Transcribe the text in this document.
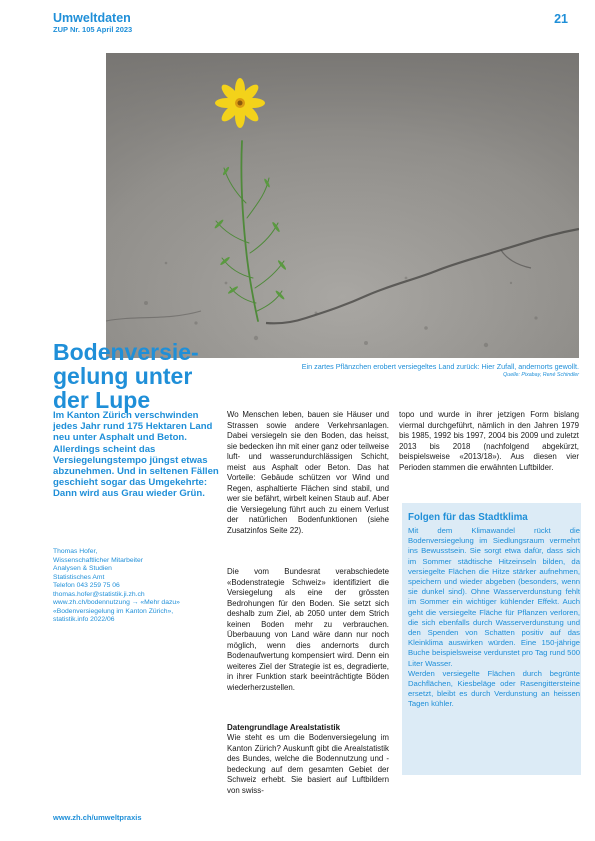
Umweltdaten
ZUP Nr. 105 April 2023
21
Ein zartes Pflänzchen erobert versiegeltes Land zurück: Hier Zufall, andernorts gewollt.
Quelle: Pixabay, René Schindler
Bodenversie-gelung unter der Lupe

Im Kanton Zürich verschwinden jedes Jahr rund 175 Hektaren Land neu unter Asphalt und Beton. Allerdings scheint das Versiegelungstempo jüngst etwas abzunehmen. Und in seltenen Fällen geschieht sogar das Umgekehrte: Dann wird aus Grau wieder Grün.

Thomas Hofer,
Wissenschaftlicher Mitarbeiter
Analysen & Studien
Statistisches Amt
Telefon 043 259 75 06
thomas.hofer@statistik.ji.zh.ch
www.zh.ch/bodennutzung → «Mehr dazu»
«Bodenversiegelung im Kanton Zürich»,
statistik.info 2022/06

Wo Menschen leben, bauen sie Häuser und Strassen sowie andere Verkehrsanlagen. Dabei versiegeln sie den Boden, das heisst, sie bedecken ihn mit einer ganz oder teilweise luft- und wasserundurchlässigen Schicht, meist aus Asphalt oder Beton. Das hat Vorteile: Gebäude schützen vor Wind und Regen, asphaltierte Flächen sind stabil, und wer sie befährt, wirbelt keinen Staub auf. Aber die Versiegelung führt auch zu einem Verlust der natürlichen Bodenfunktionen (siehe Zusatzinfos Seite 22).

Die vom Bundesrat verabschiedete «Bodenstrategie Schweiz» identifiziert die Versiegelung als eine der grössten Bedrohungen für den Boden. Sie setzt sich deshalb zum Ziel, ab 2050 unter dem Strich keinen Boden mehr zu verbrauchen. Überbauung von Land wäre dann nur noch möglich, wenn dies andernorts durch Bodenaufwertung kompensiert wird. Denn ein weiteres Ziel der Strategie ist es, degradierte, in ihrer Funktion stark beeinträchtigte Böden wiederherzustellen.

Datengrundlage Arealstatistik

Wie steht es um die Bodenversiegelung im Kanton Zürich? Auskunft gibt die Arealstatistik des Bundes, welche die Bodennutzung und -bedeckung auf dem gesamten Gebiet der Schweiz erhebt. Sie basiert auf Luftbildern von swiss-

topo und wurde in ihrer jetzigen Form bislang viermal durchgeführt, nämlich in den Jahren 1979 bis 1985, 1992 bis 1997, 2004 bis 2009 und zuletzt 2013 bis 2018 (nachfolgend abgekürzt, beispielsweise «2013/18»). Aus diesen vier Perioden stammen die erwähnten Luftbilder.

Folgen für das Stadtklima
Mit dem Klimawandel rückt die Bodenversiegelung im Siedlungsraum vermehrt ins Bewusstsein. Sie sorgt etwa dafür, dass sich im Sommer städtische Hitzeinseln bilden, da versiegelte Flächen die Hitze stärker aufnehmen, speichern und wieder abgeben (besonders, wenn sie dunkel sind). Ohne Wasserverdunstung fehlt im Sommer ein wichtiger kühlender Effekt. Auch geht die versiegelte Fläche für Pflanzen verloren, die sich ebenfalls durch Wasserverdunstung und den Spenden von Schatten positiv auf das Kleinklima auswirken würden. Eine 150-jährige Buche beispielsweise verdunstet pro Tag rund 500 Liter Wasser.
Werden versiegelte Flächen durch begrünte Dachflächen, Kiesbeläge oder Rasengittersteine ersetzt, bleibt es durch Verdunstung an heissen Tagen kühler.
www.zh.ch/umweltpraxis
